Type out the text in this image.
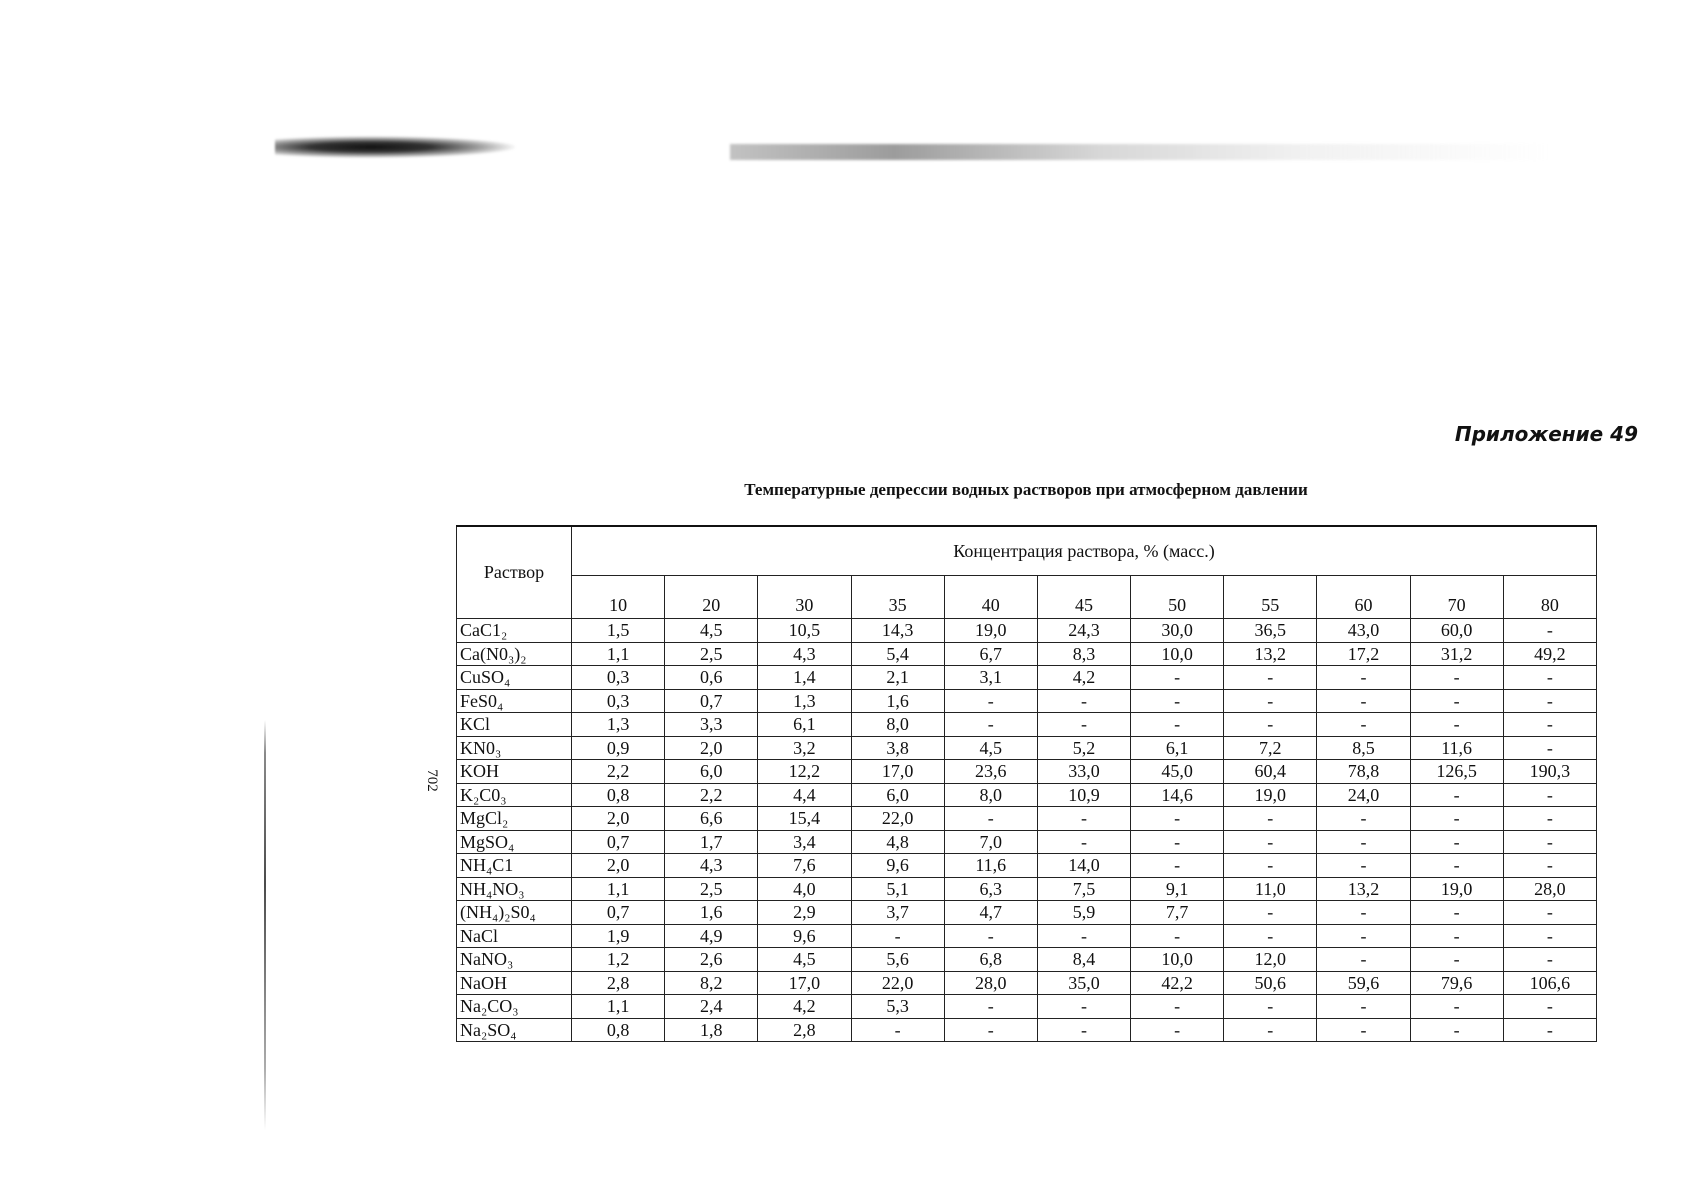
702
Приложение 49
Температурные депрессии водных растворов при атмосферном давлении
Раствор	Концентрация раствора, % (масс.)										
	10	20	30	35	40	45	50	55	60	70	80
CaC1₂	1,5	4,5	10,5	14,3	19,0	24,3	30,0	36,5	43,0	60,0	-
Ca(N0₃)₂	1,1	2,5	4,3	5,4	6,7	8,3	10,0	13,2	17,2	31,2	49,2
CuSO₄	0,3	0,6	1,4	2,1	3,1	4,2	-	-	-	-	-
FeS0₄	0,3	0,7	1,3	1,6	-	-	-	-	-	-	-
KCl	1,3	3,3	6,1	8,0	-	-	-	-	-	-	-
KN0₃	0,9	2,0	3,2	3,8	4,5	5,2	6,1	7,2	8,5	11,6	-
KOH	2,2	6,0	12,2	17,0	23,6	33,0	45,0	60,4	78,8	126,5	190,3
K₂C0₃	0,8	2,2	4,4	6,0	8,0	10,9	14,6	19,0	24,0	-	-
MgCl₂	2,0	6,6	15,4	22,0	-	-	-	-	-	-	-
MgSO₄	0,7	1,7	3,4	4,8	7,0	-	-	-	-	-	-
NH₄C1	2,0	4,3	7,6	9,6	11,6	14,0	-	-	-	-	-
NH₄NO₃	1,1	2,5	4,0	5,1	6,3	7,5	9,1	11,0	13,2	19,0	28,0
(NH₄)₂S0₄	0,7	1,6	2,9	3,7	4,7	5,9	7,7	-	-	-	-
NaCl	1,9	4,9	9,6	-	-	-	-	-	-	-	-
NaNO₃	1,2	2,6	4,5	5,6	6,8	8,4	10,0	12,0	-	-	-
NaOH	2,8	8,2	17,0	22,0	28,0	35,0	42,2	50,6	59,6	79,6	106,6
Na₂CO₃	1,1	2,4	4,2	5,3	-	-	-	-	-	-	-
Na₂SO₄	0,8	1,8	2,8	-	-	-	-	-	-	-	-
